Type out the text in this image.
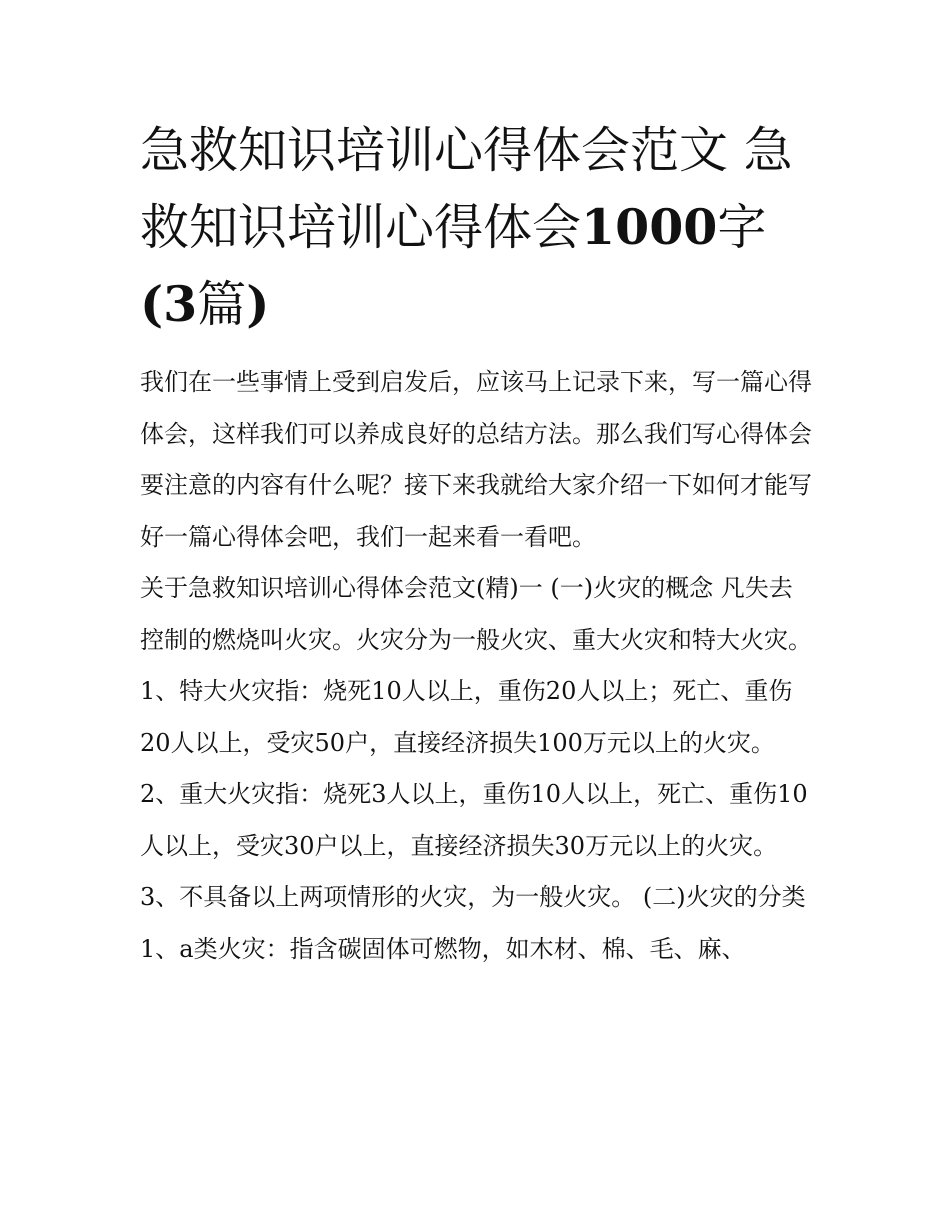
急救知识培训心得体会范文 急救知识培训心得体会1000字(3篇)

我们在一些事情上受到启发后，应该马上记录下来，写一篇心得体会，这样我们可以养成良好的总结方法。那么我们写心得体会要注意的内容有什么呢？接下来我就给大家介绍一下如何才能写好一篇心得体会吧，我们一起来看一看吧。

关于急救知识培训心得体会范文(精)一 (一)火灾的概念 凡失去控制的燃烧叫火灾。火灾分为一般火灾、重大火灾和特大火灾。

1、特大火灾指：烧死10人以上，重伤20人以上；死亡、重伤20人以上，受灾50户，直接经济损失100万元以上的火灾。

2、重大火灾指：烧死3人以上，重伤10人以上，死亡、重伤10人以上，受灾30户以上，直接经济损失30万元以上的火灾。

3、不具备以上两项情形的火灾，为一般火灾。 (二)火灾的分类 1、a类火灾：指含碳固体可燃物，如木材、棉、毛、麻、
